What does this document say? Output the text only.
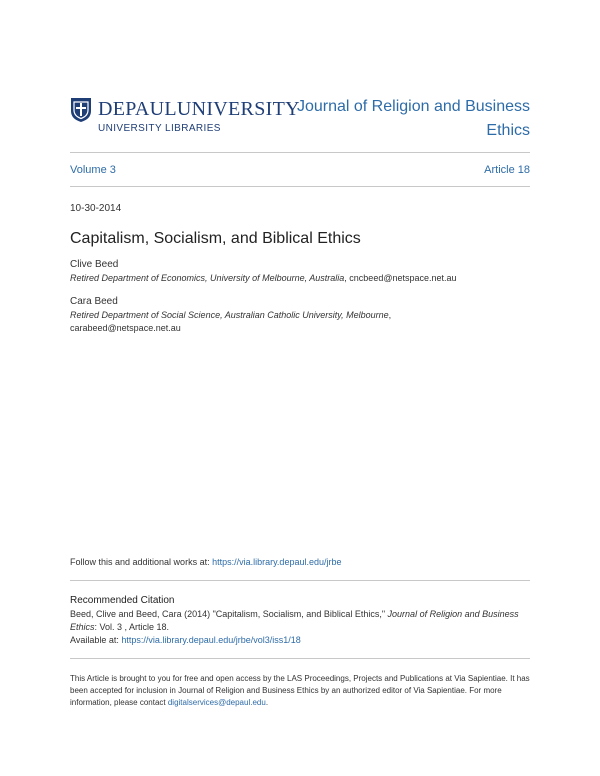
DEPAULUNIVERSITY
UNIVERSITY LIBRARIES
Journal of Religion and Business Ethics
Volume 3	Article 18
10-30-2014
Capitalism, Socialism, and Biblical Ethics
Clive Beed
Retired Department of Economics, University of Melbourne, Australia, cncbeed@netspace.net.au
Cara Beed
Retired Department of Social Science, Australian Catholic University, Melbourne,
carabeed@netspace.net.au
Follow this and additional works at: https://via.library.depaul.edu/jrbe
Recommended Citation
Beed, Clive and Beed, Cara (2014) "Capitalism, Socialism, and Biblical Ethics," Journal of Religion and Business Ethics: Vol. 3 , Article 18.
Available at: https://via.library.depaul.edu/jrbe/vol3/iss1/18
This Article is brought to you for free and open access by the LAS Proceedings, Projects and Publications at Via Sapientiae. It has been accepted for inclusion in Journal of Religion and Business Ethics by an authorized editor of Via Sapientiae. For more information, please contact digitalservices@depaul.edu.
